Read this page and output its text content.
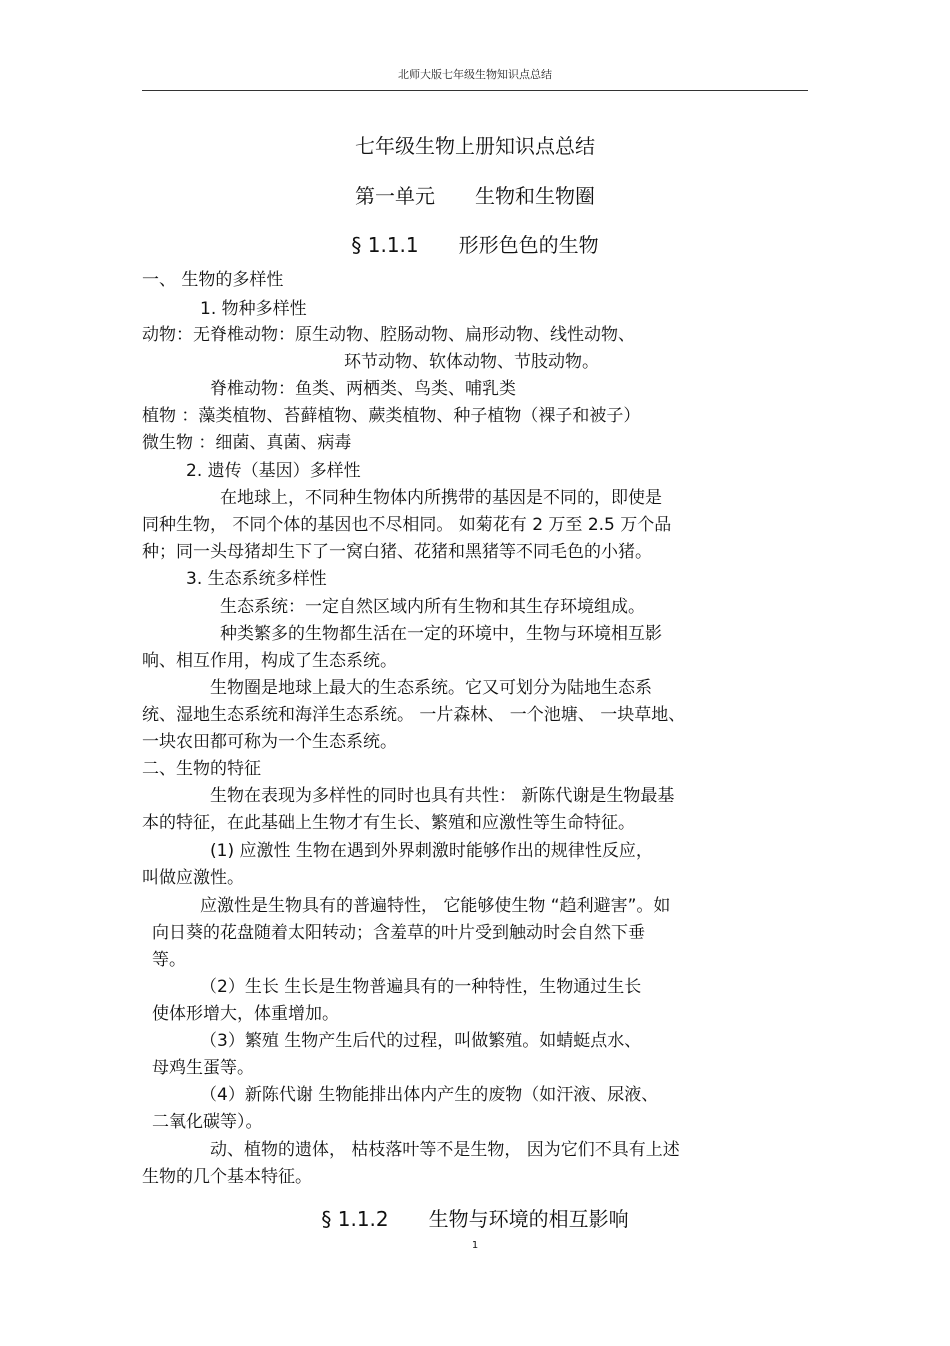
北师大版七年级生物知识点总结
七年级生物上册知识点总结
第一单元 生物和生物圈
§ 1.1.1 形形色色的生物
一、 生物的多样性
1. 物种多样性
动物：无脊椎动物：原生动物、腔肠动物、扁形动物、线性动物、
环节动物、软体动物、节肢动物。
脊椎动物：鱼类、两栖类、鸟类、哺乳类
植物 ：藻类植物、苔藓植物、蕨类植物、种子植物（裸子和被子）
微生物 ：细菌、真菌、病毒
2. 遗传（基因）多样性
在地球上，不同种生物体内所携带的基因是不同的，即使是
同种生物， 不同个体的基因也不尽相同。 如菊花有 2 万至 2.5 万个品
种；同一头母猪却生下了一窝白猪、花猪和黑猪等不同毛色的小猪。
3. 生态系统多样性
生态系统：一定自然区域内所有生物和其生存环境组成。
种类繁多的生物都生活在一定的环境中，生物与环境相互影
响、相互作用，构成了生态系统。
生物圈是地球上最大的生态系统。它又可划分为陆地生态系
统、湿地生态系统和海洋生态系统。 一片森林、 一个池塘、 一块草地、
一块农田都可称为一个生态系统。
二、生物的特征
生物在表现为多样性的同时也具有共性： 新陈代谢是生物最基
本的特征，在此基础上生物才有生长、繁殖和应激性等生命特征。
(1) 应激性 生物在遇到外界刺激时能够作出的规律性反应，
叫做应激性。
应激性是生物具有的普遍特性， 它能够使生物 “趋利避害”。如
向日葵的花盘随着太阳转动；含羞草的叶片受到触动时会自然下垂
等。
（2）生长 生长是生物普遍具有的一种特性，生物通过生长
使体形增大，体重增加。
（3）繁殖 生物产生后代的过程，叫做繁殖。如蜻蜓点水、
母鸡生蛋等。
（4）新陈代谢 生物能排出体内产生的废物（如汗液、尿液、
二氧化碳等）。
动、植物的遗体， 枯枝落叶等不是生物， 因为它们不具有上述
生物的几个基本特征。
§ 1.1.2 生物与环境的相互影响
1
